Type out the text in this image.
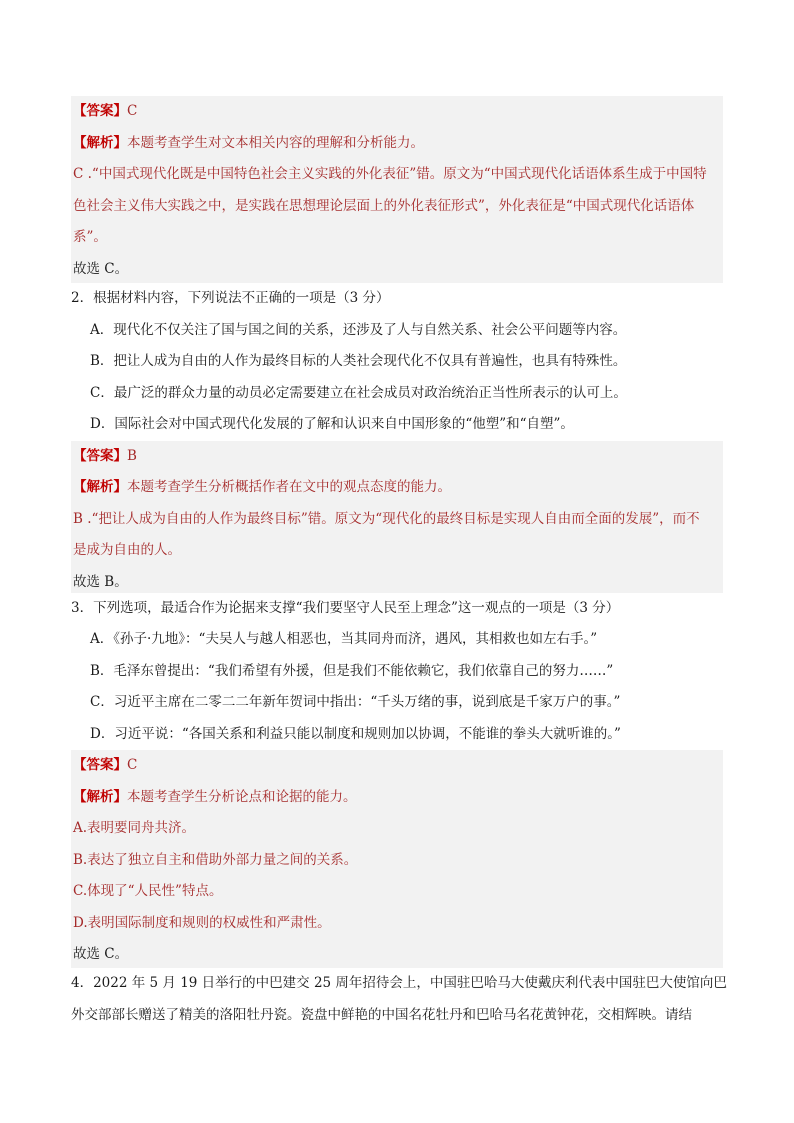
【答案】C
【解析】本题考查学生对文本相关内容的理解和分析能力。
C .“中国式现代化既是中国特色社会主义实践的外化表征”错。原文为“中国式现代化话语体系生成于中国特
色社会主义伟大实践之中，是实践在思想理论层面上的外化表征形式”，外化表征是“中国式现代化话语体
系”。
故选 C。
2．根据材料内容，下列说法不正确的一项是（3 分）
A．现代化不仅关注了国与国之间的关系，还涉及了人与自然关系、社会公平问题等内容。
B．把让人成为自由的人作为最终目标的人类社会现代化不仅具有普遍性，也具有特殊性。
C．最广泛的群众力量的动员必定需要建立在社会成员对政治统治正当性所表示的认可上。
D．国际社会对中国式现代化发展的了解和认识来自中国形象的“他塑”和“自塑”。
【答案】B
【解析】本题考查学生分析概括作者在文中的观点态度的能力。
B .“把让人成为自由的人作为最终目标”错。原文为“现代化的最终目标是实现人自由而全面的发展”，而不
是成为自由的人。
故选 B。
3．下列选项，最适合作为论据来支撑“我们要坚守人民至上理念”这一观点的一项是（3 分）
A．《孙子·九地》：“夫吴人与越人相恶也，当其同舟而济，遇风，其相救也如左右手。”
B．毛泽东曾提出：“我们希望有外援，但是我们不能依赖它，我们依靠自己的努力……”
C．习近平主席在二零二二年新年贺词中指出：“千头万绪的事，说到底是千家万户的事。”
D．习近平说：“各国关系和利益只能以制度和规则加以协调，不能谁的拳头大就听谁的。”
【答案】C
【解析】本题考查学生分析论点和论据的能力。
A.表明要同舟共济。
B.表达了独立自主和借助外部力量之间的关系。
C.体现了“人民性”特点。
D.表明国际制度和规则的权威性和严肃性。
故选 C。
4．2022 年 5 月 19 日举行的中巴建交 25 周年招待会上，中国驻巴哈马大使戴庆利代表中国驻巴大使馆向巴
外交部部长赠送了精美的洛阳牡丹瓷。瓷盘中鲜艳的中国名花牡丹和巴哈马名花黄钟花，交相辉映。请结
